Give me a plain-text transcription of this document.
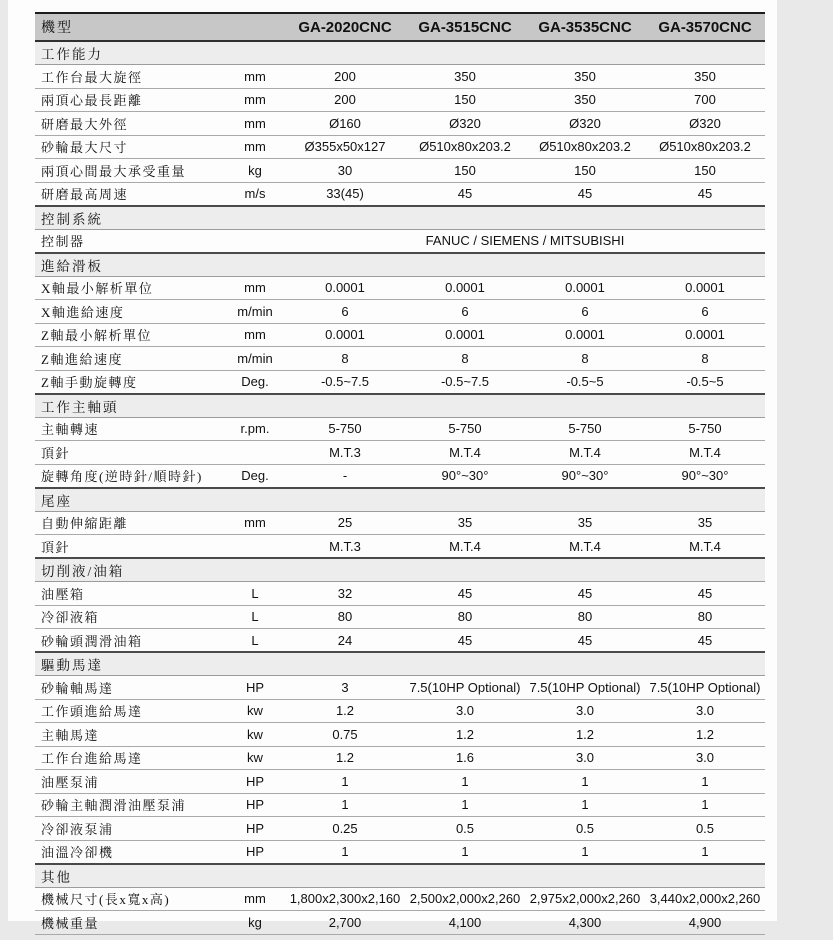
機型		GA-2020CNC	GA-3515CNC	GA-3535CNC	GA-3570CNC
工作能力					
工作台最大旋徑	mm	200	350	350	350
兩頂心最長距離	mm	200	150	350	700
研磨最大外徑	mm	Ø160	Ø320	Ø320	Ø320
砂輪最大尺寸	mm	Ø355x50x127	Ø510x80x203.2	Ø510x80x203.2	Ø510x80x203.2
兩頂心間最大承受重量	kg	30	150	150	150
研磨最高周速	m/s	33(45)	45	45	45
控制系統					
控制器		FANUC / SIEMENS / MITSUBISHI			
進給滑板					
X軸最小解析單位	mm	0.0001	0.0001	0.0001	0.0001
X軸進給速度	m/min	6	6	6	6
Z軸最小解析單位	mm	0.0001	0.0001	0.0001	0.0001
Z軸進給速度	m/min	8	8	8	8
Z軸手動旋轉度	Deg.	-0.5~7.5	-0.5~7.5	-0.5~5	-0.5~5
工作主軸頭					
主軸轉速	r.pm.	5-750	5-750	5-750	5-750
頂針		M.T.3	M.T.4	M.T.4	M.T.4
旋轉角度(逆時針/順時針)	Deg.	-	90°~30°	90°~30°	90°~30°
尾座					
自動伸縮距離	mm	25	35	35	35
頂針		M.T.3	M.T.4	M.T.4	M.T.4
切削液/油箱					
油壓箱	L	32	45	45	45
冷卻液箱	L	80	80	80	80
砂輪頭潤滑油箱	L	24	45	45	45
驅動馬達					
砂輪軸馬達	HP	3	7.5(10HP Optional)	7.5(10HP Optional)	7.5(10HP Optional)
工作頭進給馬達	kw	1.2	3.0	3.0	3.0
主軸馬達	kw	0.75	1.2	1.2	1.2
工作台進給馬達	kw	1.2	1.6	3.0	3.0
油壓泵浦	HP	1	1	1	1
砂輪主軸潤滑油壓泵浦	HP	1	1	1	1
冷卻液泵浦	HP	0.25	0.5	0.5	0.5
油溫冷卻機	HP	1	1	1	1
其他					
機械尺寸(長x寬x高)	mm	1,800x2,300x2,160	2,500x2,000x2,260	2,975x2,000x2,260	3,440x2,000x2,260
機械重量	kg	2,700	4,100	4,300	4,900
